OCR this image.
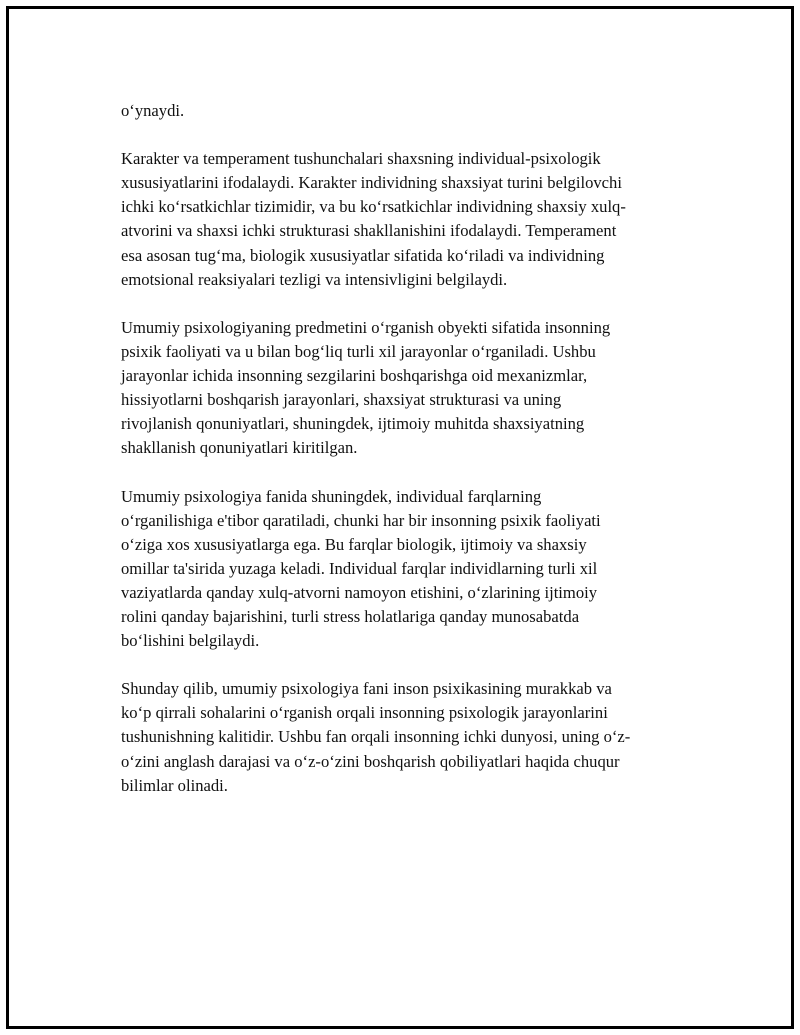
o‘ynaydi.
Karakter va temperament tushunchalari shaxsning individual-psixologik
xususiyatlarini ifodalaydi. Karakter individning shaxsiyat turini belgilovchi
ichki ko‘rsatkichlar tizimidir, va bu ko‘rsatkichlar individning shaxsiy xulq-
atvorini va shaxsi ichki strukturasi shakllanishini ifodalaydi. Temperament
esa asosan tug‘ma, biologik xususiyatlar sifatida ko‘riladi va individning
emotsional reaksiyalari tezligi va intensivligini belgilaydi.
Umumiy psixologiyaning predmetini o‘rganish obyekti sifatida insonning
psixik faoliyati va u bilan bog‘liq turli xil jarayonlar o‘rganiladi. Ushbu
jarayonlar ichida insonning sezgilarini boshqarishga oid mexanizmlar,
hissiyotlarni boshqarish jarayonlari, shaxsiyat strukturasi va uning
rivojlanish qonuniyatlari, shuningdek, ijtimoiy muhitda shaxsiyatning
shakllanish qonuniyatlari kiritilgan.
Umumiy psixologiya fanida shuningdek, individual farqlarning
o‘rganilishiga e'tibor qaratiladi, chunki har bir insonning psixik faoliyati
o‘ziga xos xususiyatlarga ega. Bu farqlar biologik, ijtimoiy va shaxsiy
omillar ta'sirida yuzaga keladi. Individual farqlar individlarning turli xil
vaziyatlarda qanday xulq-atvorni namoyon etishini, o‘zlarining ijtimoiy
rolini qanday bajarishini, turli stress holatlariga qanday munosabatda
bo‘lishini belgilaydi.
Shunday qilib, umumiy psixologiya fani inson psixikasining murakkab va
ko‘p qirrali sohalarini o‘rganish orqali insonning psixologik jarayonlarini
tushunishning kalitidir. Ushbu fan orqali insonning ichki dunyosi, uning o‘z-
o‘zini anglash darajasi va o‘z-o‘zini boshqarish qobiliyatlari haqida chuqur
bilimlar olinadi.
